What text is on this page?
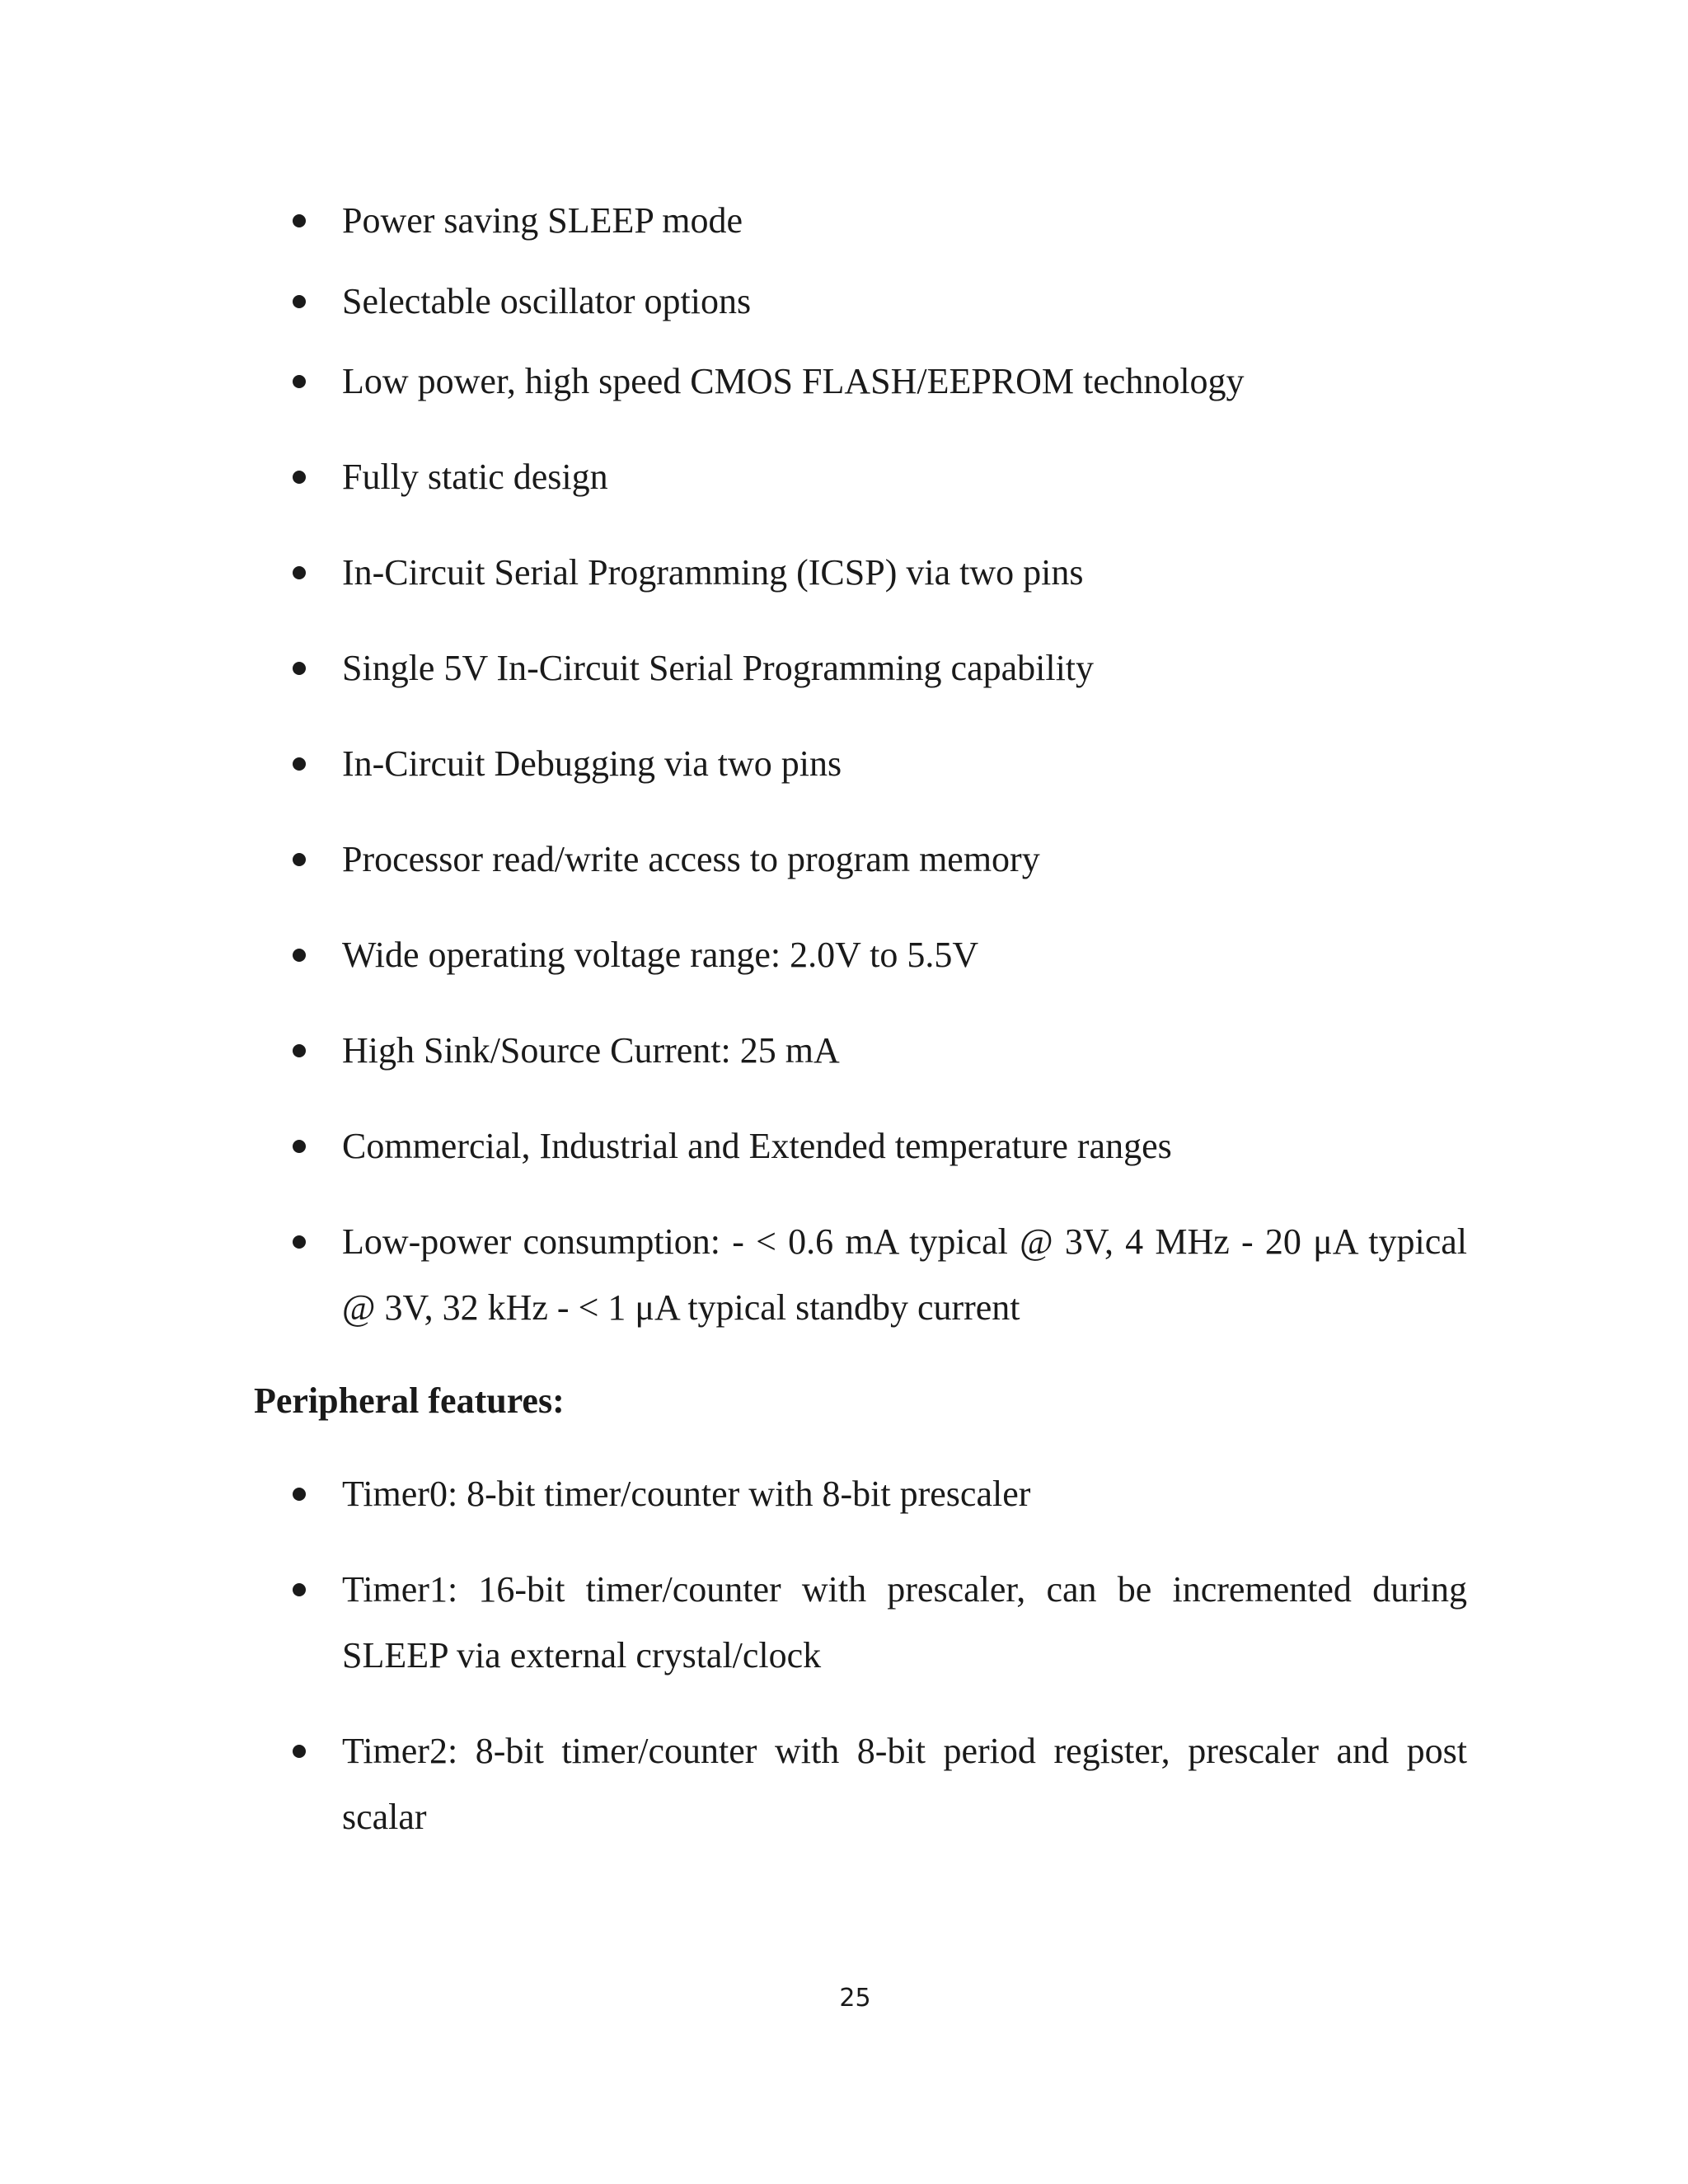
Power saving SLEEP mode
Selectable oscillator options
Low power, high speed CMOS FLASH/EEPROM technology
Fully static design
In-Circuit Serial Programming (ICSP) via two pins
Single 5V In-Circuit Serial Programming capability
In-Circuit Debugging via two pins
Processor read/write access to program memory
Wide operating voltage range: 2.0V to 5.5V
High Sink/Source Current: 25 mA
Commercial, Industrial and Extended temperature ranges
Low-power consumption: - < 0.6 mA typical @ 3V, 4 MHz - 20 μA typical @ 3V, 32 kHz - < 1 μA typical standby current
Peripheral features:
Timer0: 8-bit timer/counter with 8-bit prescaler
Timer1: 16-bit timer/counter with prescaler, can be incremented during SLEEP via external crystal/clock
Timer2: 8-bit timer/counter with 8-bit period register, prescaler and post scalar
25
